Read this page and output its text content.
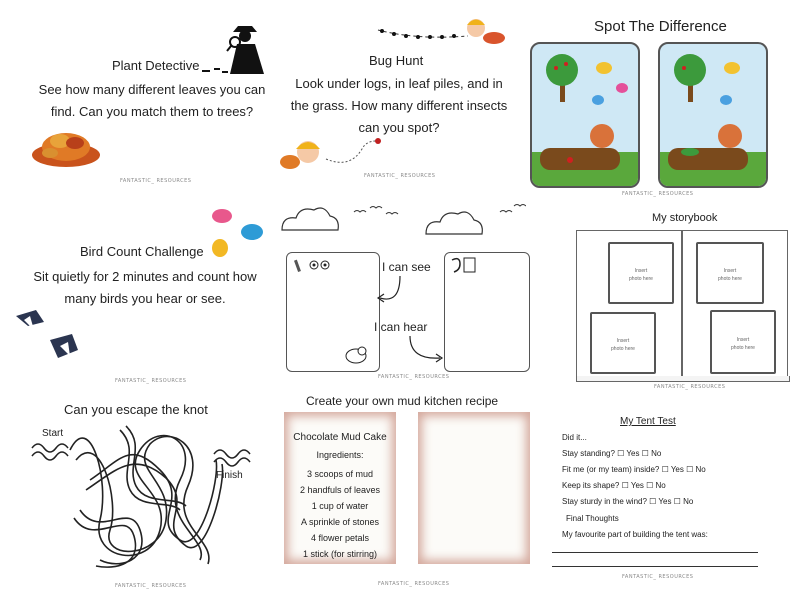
Plant Detective
See how many different leaves you can find. Can you match them to trees?
FANTASTIC_ RESOURCES
Bug Hunt
Look under logs, in leaf piles, and in the grass. How many different insects can you spot?
FANTASTIC_ RESOURCES
Spot The Difference
FANTASTIC_ RESOURCES
Bird Count Challenge
Sit quietly for 2 minutes and count how many birds you hear or see.
FANTASTIC_ RESOURCES
I can see
I can hear
FANTASTIC_ RESOURCES
My storybook
Insert
photo here
Insert
photo here
Insert
photo here
Insert
photo here
FANTASTIC_ RESOURCES
Can you escape the knot
Start
Finish
FANTASTIC_ RESOURCES
Create your own mud kitchen recipe
Chocolate Mud Cake
Ingredients:
3 scoops of mud
2 handfuls of leaves
1 cup of water
A sprinkle of stones
4 flower petals
1 stick (for stirring)
FANTASTIC_ RESOURCES
My Tent Test
Did it...
Stay standing? ☐ Yes ☐ No
Fit me (or my team) inside? ☐ Yes ☐ No
Keep its shape? ☐ Yes ☐ No
Stay sturdy in the wind? ☐ Yes ☐ No
Final Thoughts
My favourite part of building the tent was:
FANTASTIC_ RESOURCES
